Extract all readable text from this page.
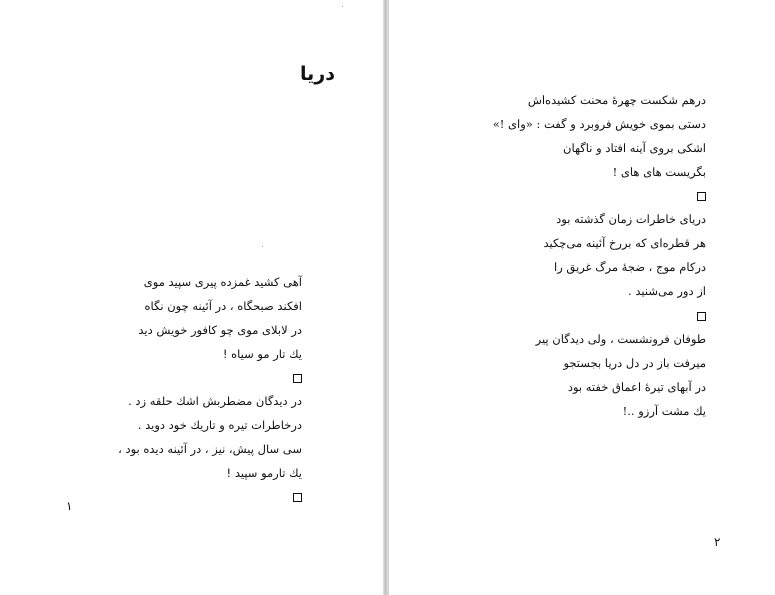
دریا
آهی کشید غمزده پیری سپید موی
افکند صبحگاه ، در آئینه چون نگاه
در لابلای موی چو کافور خویش دید
یك تار مو سیاه !
در دیدگان مضطربش اشك حلقه زد .
درخاطرات تیره و تاریك خود دوید .
سی سال پیش، نیز ، در آئینه دیده بود ،
یك تارمو سپید !
١
درهم شکست چهرۀ محنت کشیده‌اش
دستی بموی خویش فروبرد و گفت : «وای !»
اشکی بروی آینه افتاد و ناگهان
بگریست های های !
دریای خاطرات زمان گذشته بود
هر قطره‌ای که بررخ آئینه می‌چکید
درکام موج ، ضجۀ مرگ غریق را
از دور می‌شنید .
طوفان فرونشست ، ولی دیدگان پیر
میرفت باز در دل دریا بجستجو
در آبهای تیرۀ اعماق خفته بود
یك مشت آرزو ..!
٢
